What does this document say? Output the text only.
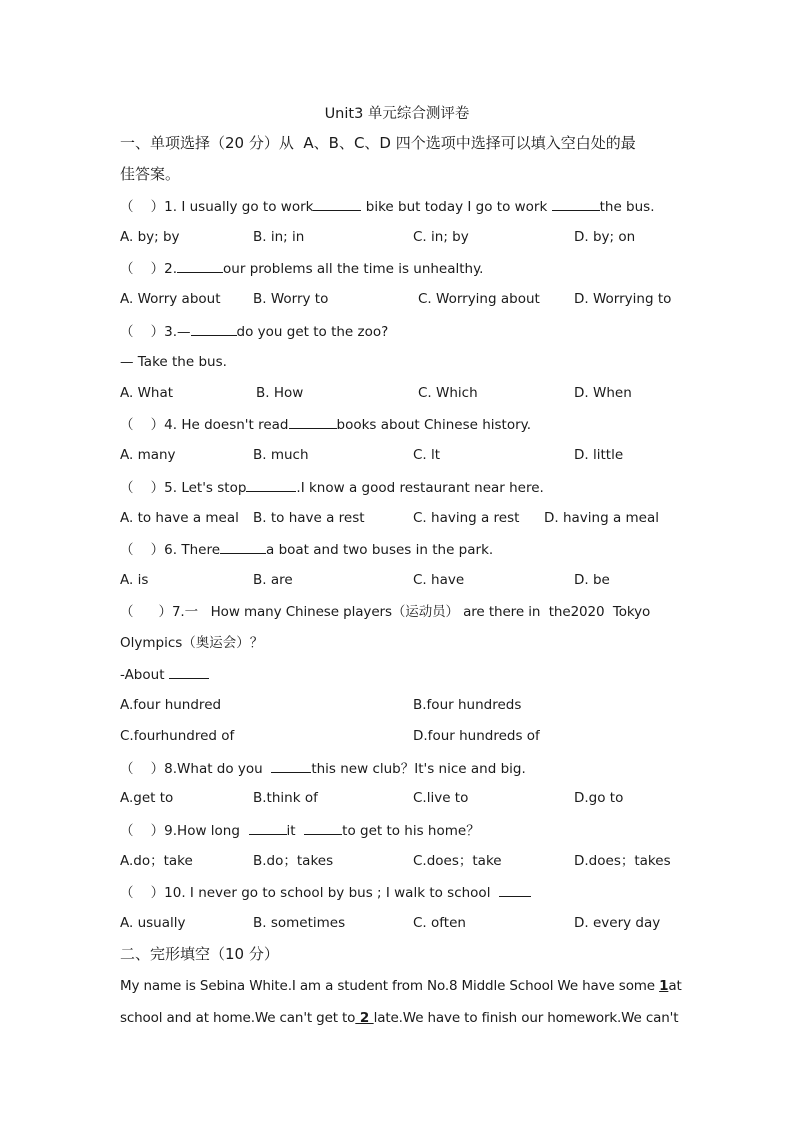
Unit3 单元综合测评卷
一、单项选择（20 分）从  A、B、C、D 四个选项中选择可以填入空白处的最
佳答案。
（    ）1. I usually go to work	bike but today I go to work	the bus.
A. by; by	B. in; in	C. in; by	D. by; on
（    ）2.	our problems all the time is unhealthy.
A. Worry about B. Worry to	C. Worrying about	D. Worrying to
（    ）3.—	do you get to the zoo?
— Take the bus.
A. What	B. How	C. Which	D. When
（    ）4. He doesn't read	books about Chinese history.
A. many	B. much	C. lt	D. little
（    ）5. Let's stop	.I know a good restaurant near here.
A. to have a meal B. to have a rest	C. having a rest D. having a meal
（    ）6. There	a boat and two buses in the park.
A. is	B. are	C. have	D. be
（      ）7.一   How many Chinese players（运动员） are there in  the2020  Tokyo
Olympics（奥运会）？
-About
A.four hundred	B.four hundreds
C.fourhundred of	D.four hundreds of
（    ）8.What do you	this new club？It's nice and big.
A.get to	B.think of	C.live to	D.go to
（    ）9.How long	it	to get to his home？
A.do；take	B.do；takes	C.does；take	D.does；takes
（    ）10. I never go to school by bus ; I walk to school
A. usually	B. sometimes	C. often	D. every day
二、完形填空（10 分）
My name is Sebina White.I am a student from No.8 Middle School We have some 1at
school and at home.We can't get to 2 late.We have to finish our homework.We can't
